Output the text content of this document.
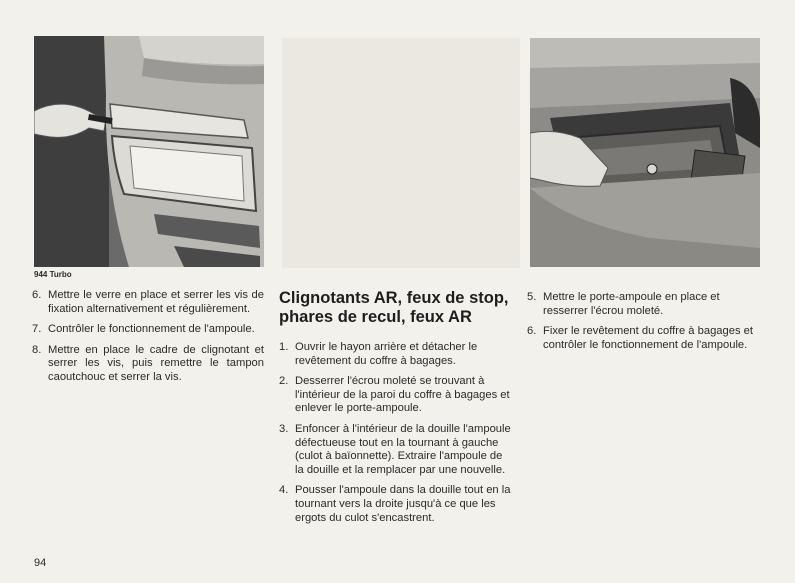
944 Turbo
6. Mettre le verre en place et serrer les vis de fixation alternativement et régulièrement.
7. Contrôler le fonctionnement de l'ampoule.
8. Mettre en place le cadre de clignotant et serrer les vis, puis remettre le tampon caoutchouc et serrer la vis.
Clignotants AR, feux de stop, phares de recul, feux AR
1. Ouvrir le hayon arrière et détacher le revêtement du coffre à bagages.
2. Desserrer l'écrou moleté se trouvant à l'intérieur de la paroi du coffre à bagages et enlever le porte-ampoule.
3. Enfoncer à l'intérieur de la douille l'ampoule défectueuse tout en la tournant à gauche (culot à baïonnette). Extraire l'ampoule de la douille et la remplacer par une nouvelle.
4. Pousser l'ampoule dans la douille tout en la tournant vers la droite jusqu'à ce que les ergots du culot s'encastrent.
5. Mettre le porte-ampoule en place et resserrer l'écrou moleté.
6. Fixer le revêtement du coffre à bagages et contrôler le fonctionnement de l'ampoule.
94
